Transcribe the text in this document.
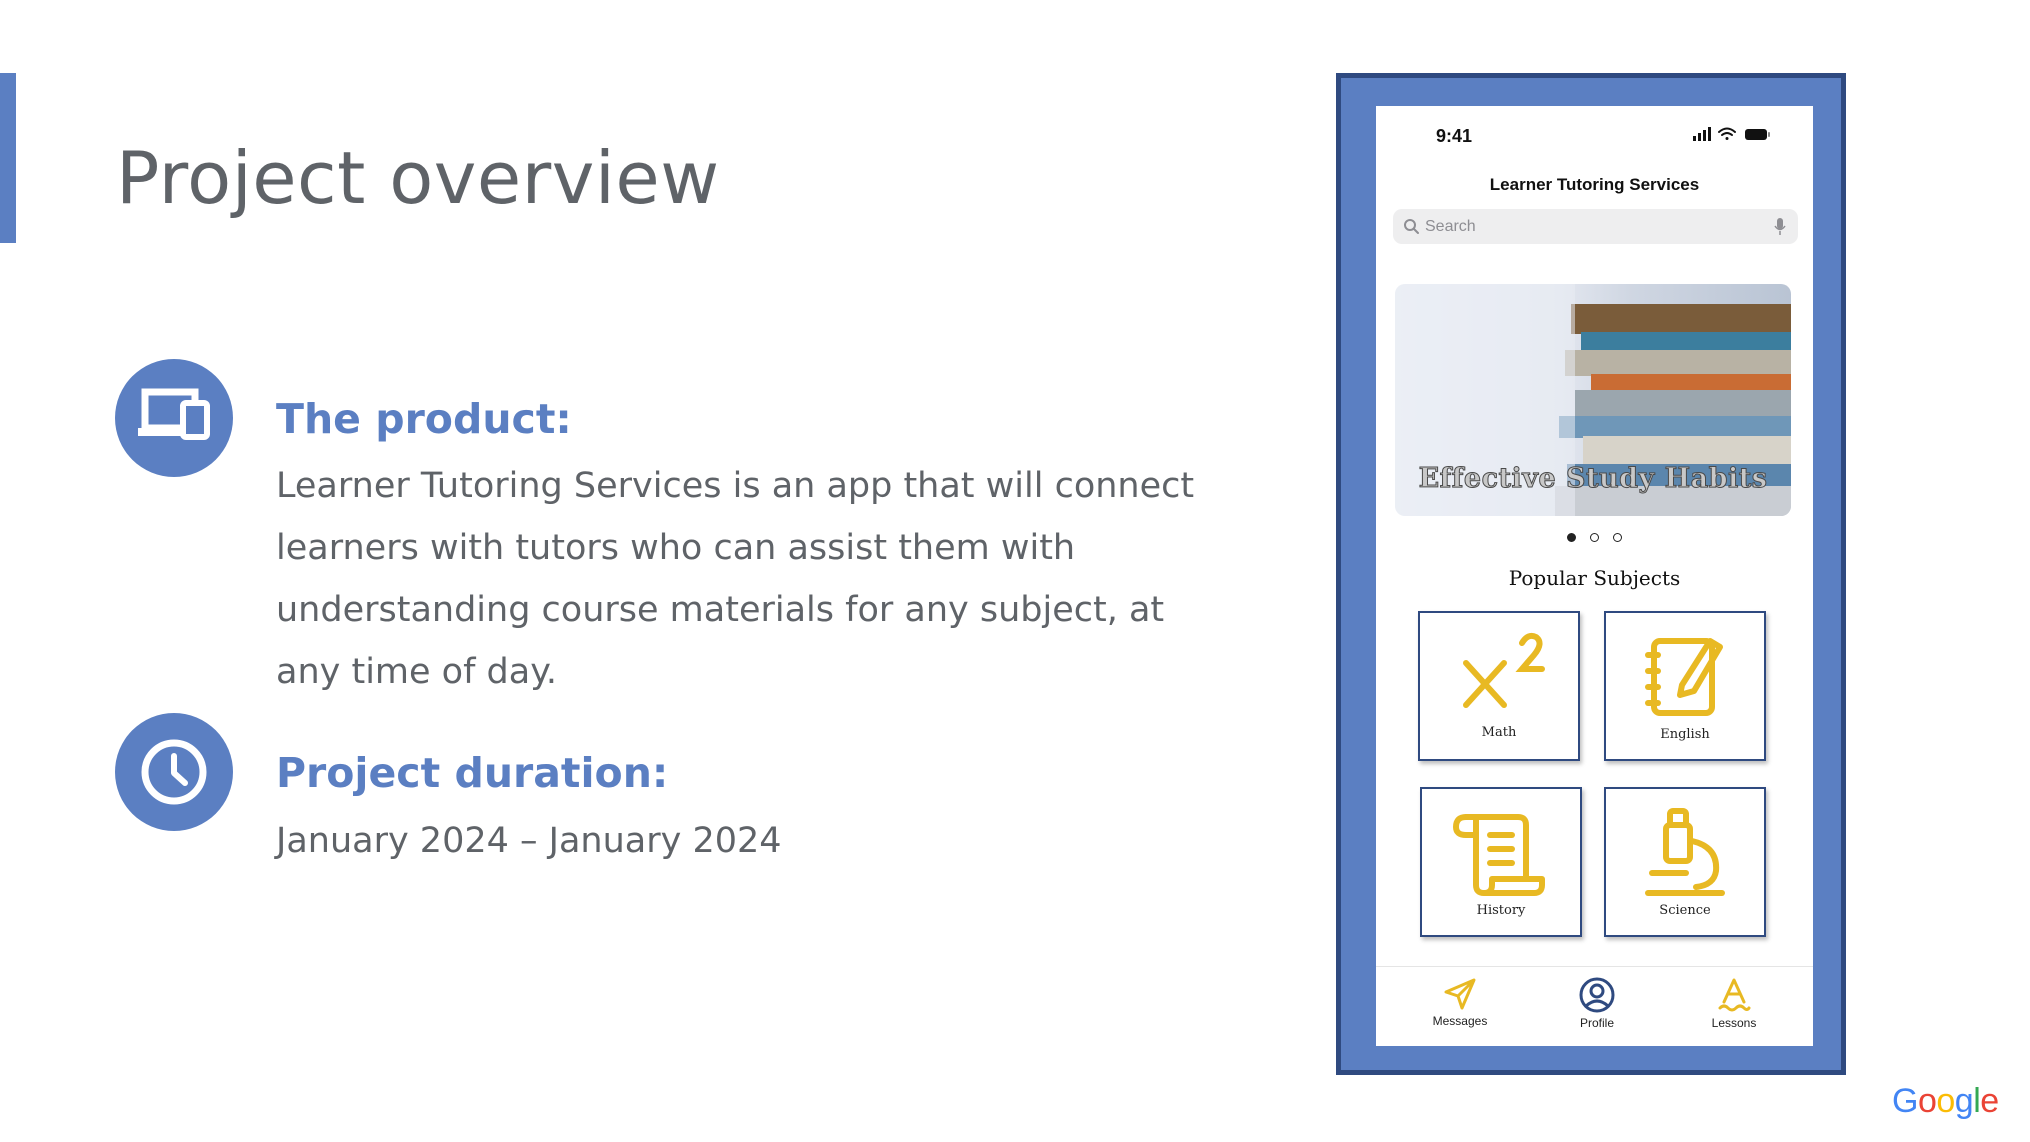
Project overview
The product:

Learner Tutoring Services is an app that will connect learners with tutors who can assist them with understanding course materials for any subject, at any time of day.

Project duration:

January 2024 – January 2024

9:41
Learner Tutoring Services
Search
Effective Study Habits

Popular Subjects
Math	English
History	Science
Messages	Profile	Lessons
Google
